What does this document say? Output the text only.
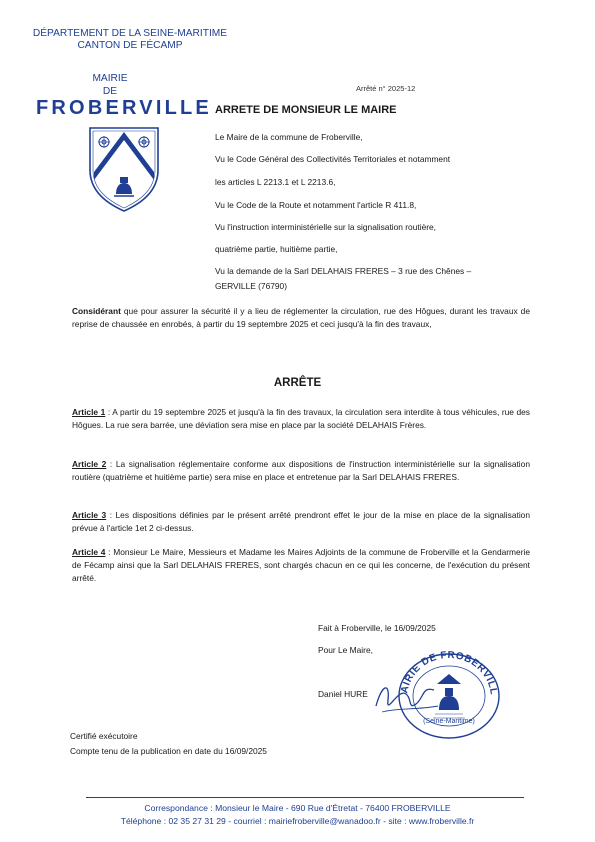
DÉPARTEMENT DE LA SEINE-MARITIME
CANTON DE FÉCAMP
MAIRIE
DE
FROBERVILLE
Arrêté n° 2025-12
ARRETE DE MONSIEUR LE MAIRE
Le Maire de la commune de Froberville,
Vu le Code Général des Collectivités Territoriales et notamment
les articles L 2213.1 et L 2213.6,
Vu le Code de la Route et notamment l'article R 411.8,
Vu l'instruction interministérielle sur la signalisation routière,
quatrième partie, huitième partie,
Vu la demande de la Sarl DELAHAIS FRERES – 3 rue des Chênes –
GERVILLE (76790)
Considérant que pour assurer la sécurité il y a lieu de réglementer la circulation, rue des Hôgues, durant les travaux de reprise de chaussée en enrobés, à partir du 19 septembre 2025 et ceci jusqu'à la fin des travaux,
ARRÊTE
Article 1 : A partir du 19 septembre 2025 et jusqu'à la fin des travaux, la circulation sera interdite à tous véhicules, rue des Hôgues. La rue sera barrée, une déviation sera mise en place par la société DELAHAIS Frères.
Article 2 : La signalisation réglementaire conforme aux dispositions de l'instruction interministérielle sur la signalisation routière (quatrième et huitième partie) sera mise en place et entretenue par la Sarl DELAHAIS FRERES.
Article 3 : Les dispositions définies par le présent arrêté prendront effet le jour de la mise en place de la signalisation prévue à l'article 1et 2 ci-dessus.
Article 4 : Monsieur Le Maire, Messieurs et Madame les Maires Adjoints de la commune de Froberville et la Gendarmerie de Fécamp ainsi que la Sarl DELAHAIS FRERES, sont chargés chacun en ce qui les concerne, de l'exécution du présent arrêté.
Fait à Froberville, le 16/09/2025
Pour Le Maire,
Daniel HURE	AIRIE DE FROBERVILL
(Seine-Maritime)
Certifié exécutoire
Compte tenu de la publication en date du 16/09/2025
Correspondance : Monsieur le Maire - 690 Rue d'Étretat - 76400 FROBERVILLE
Téléphone : 02 35 27 31 29 - courriel : mairiefroberville@wanadoo.fr - site : www.froberville.fr
